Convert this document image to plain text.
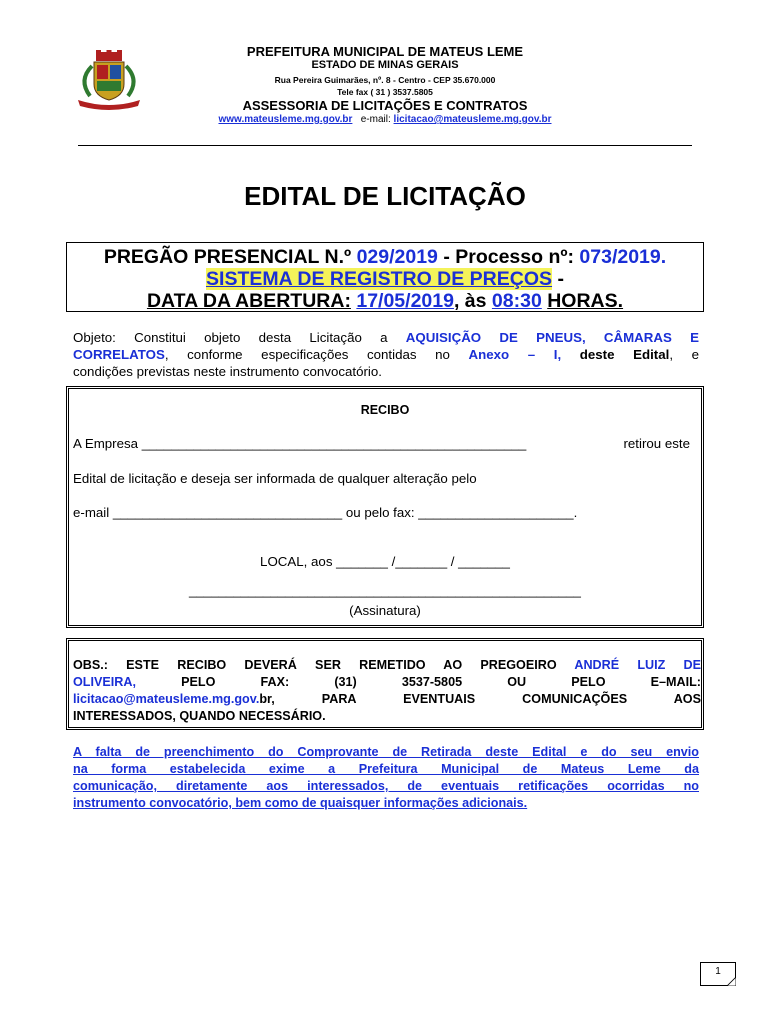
PREFEITURA MUNICIPAL DE MATEUS LEME
ESTADO DE MINAS GERAIS
Rua Pereira Guimarães, nº. 8 - Centro - CEP 35.670.000
Tele fax ( 31 ) 3537.5805
ASSESSORIA DE LICITAÇÕES E CONTRATOS
www.mateusleme.mg.gov.br e-mail: licitacao@mateusleme.mg.gov.br
EDITAL DE LICITAÇÃO
PREGÃO PRESENCIAL N.º 029/2019 - Processo nº: 073/2019.
SISTEMA DE REGISTRO DE PREÇOS -
DATA DA ABERTURA: 17/05/2019, às 08:30 HORAS.
Objeto: Constitui objeto desta Licitação a AQUISIÇÃO DE PNEUS, CÂMARAS E
CORRELATOS, conforme especificações contidas no Anexo – I, deste Edital, e
condições previstas neste instrumento convocatório.
RECIBO
A Empresa ____________________________________________________	retirou este
Edital de licitação e deseja ser informada de qualquer alteração pelo
e-mail _______________________________ ou pelo fax: _____________________.
LOCAL, aos _______ /_______ / _______
_____________________________________________________
(Assinatura)
OBS.: ESTE RECIBO DEVERÁ SER REMETIDO AO PREGOEIRO ANDRÉ LUIZ DE
OLIVEIRA,	PELO FAX: (31) 3537-5805 OU PELO E–MAIL:
licitacao@mateusleme.mg.gov.br, PARA EVENTUAIS COMUNICAÇÕES AOS
INTERESSADOS, QUANDO NECESSÁRIO.
A falta de preenchimento do Comprovante de Retirada deste Edital e do seu envio
na forma estabelecida exime a Prefeitura Municipal de Mateus Leme da
comunicação, diretamente aos interessados, de eventuais retificações ocorridas no
instrumento convocatório, bem como de quaisquer informações adicionais.
1
